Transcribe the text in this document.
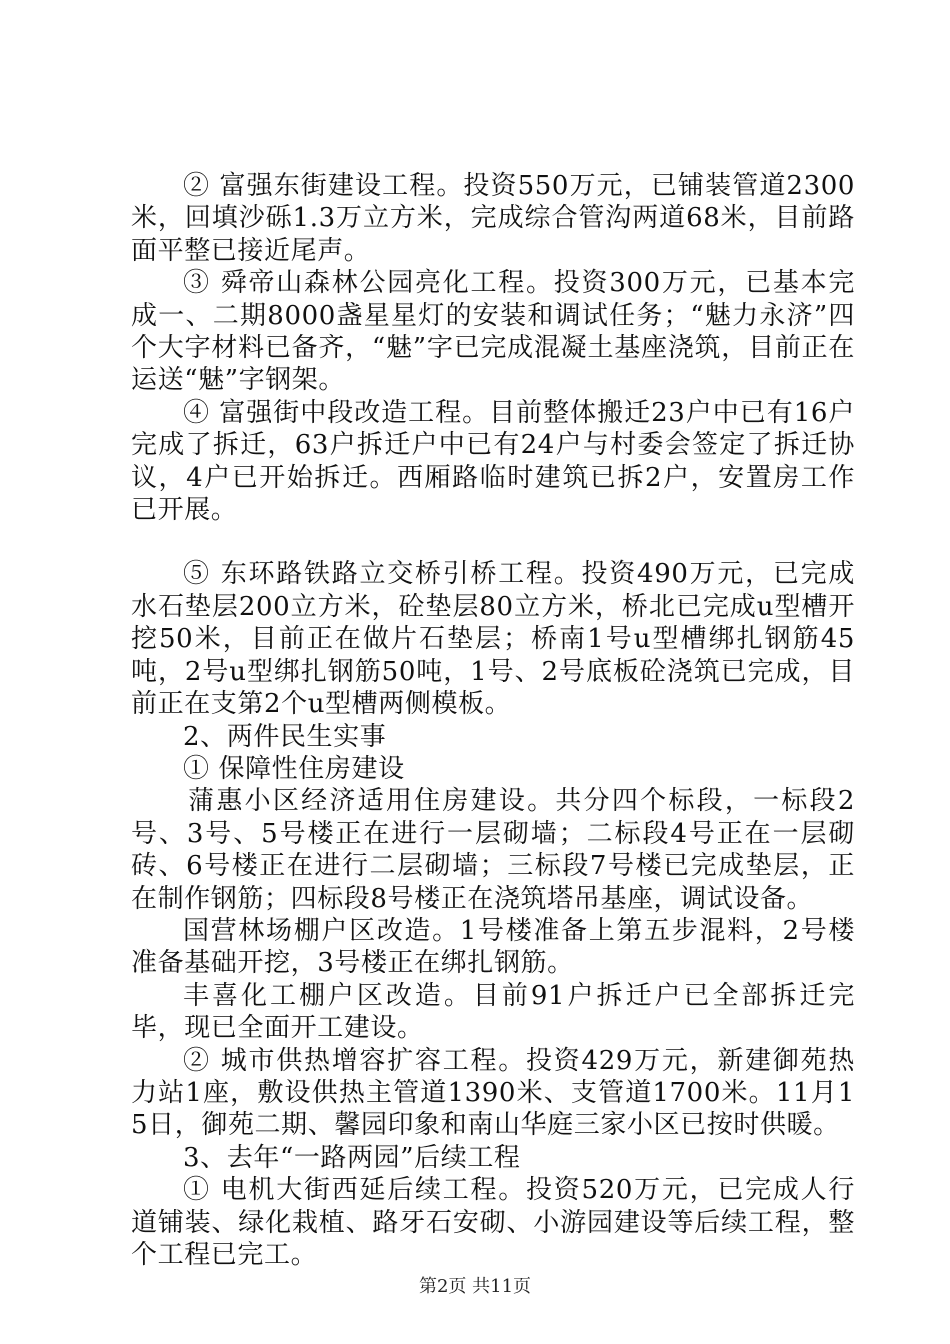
② 富强东街建设工程。投资550万元，已铺装管道2300米，回填沙砾1.3万立方米，完成综合管沟两道68米，目前路面平整已接近尾声。

③ 舜帝山森林公园亮化工程。投资300万元，已基本完成一、二期8000盏星星灯的安装和调试任务；“魅力永济”四个大字材料已备齐，“魅”字已完成混凝土基座浇筑，目前正在运送“魅”字钢架。

④ 富强街中段改造工程。目前整体搬迁23户中已有16户完成了拆迁，63户拆迁户中已有24户与村委会签定了拆迁协议，4户已开始拆迁。西厢路临时建筑已拆2户，安置房工作已开展。

⑤ 东环路铁路立交桥引桥工程。投资490万元，已完成水石垫层200立方米，砼垫层80立方米，桥北已完成u型槽开挖50米，目前正在做片石垫层；桥南1号u型槽绑扎钢筋45吨，2号u型绑扎钢筋50吨，1号、2号底板砼浇筑已完成，目前正在支第2个u型槽两侧模板。

2、两件民生实事

① 保障性住房建设

蒲惠小区经济适用住房建设。共分四个标段，一标段2号、3号、5号楼正在进行一层砌墙；二标段4号正在一层砌砖、6号楼正在进行二层砌墙；三标段7号楼已完成垫层，正在制作钢筋；四标段8号楼正在浇筑塔吊基座，调试设备。

国营林场棚户区改造。1号楼准备上第五步混料，2号楼准备基础开挖，3号楼正在绑扎钢筋。

丰喜化工棚户区改造。目前91户拆迁户已全部拆迁完毕，现已全面开工建设。

② 城市供热增容扩容工程。投资429万元，新建御苑热力站1座，敷设供热主管道1390米、支管道1700米。11月15日，御苑二期、馨园印象和南山华庭三家小区已按时供暖。

3、去年“一路两园”后续工程

① 电机大街西延后续工程。投资520万元，已完成人行道铺装、绿化栽植、路牙石安砌、小游园建设等后续工程，整个工程已完工。

第2页 共11页
